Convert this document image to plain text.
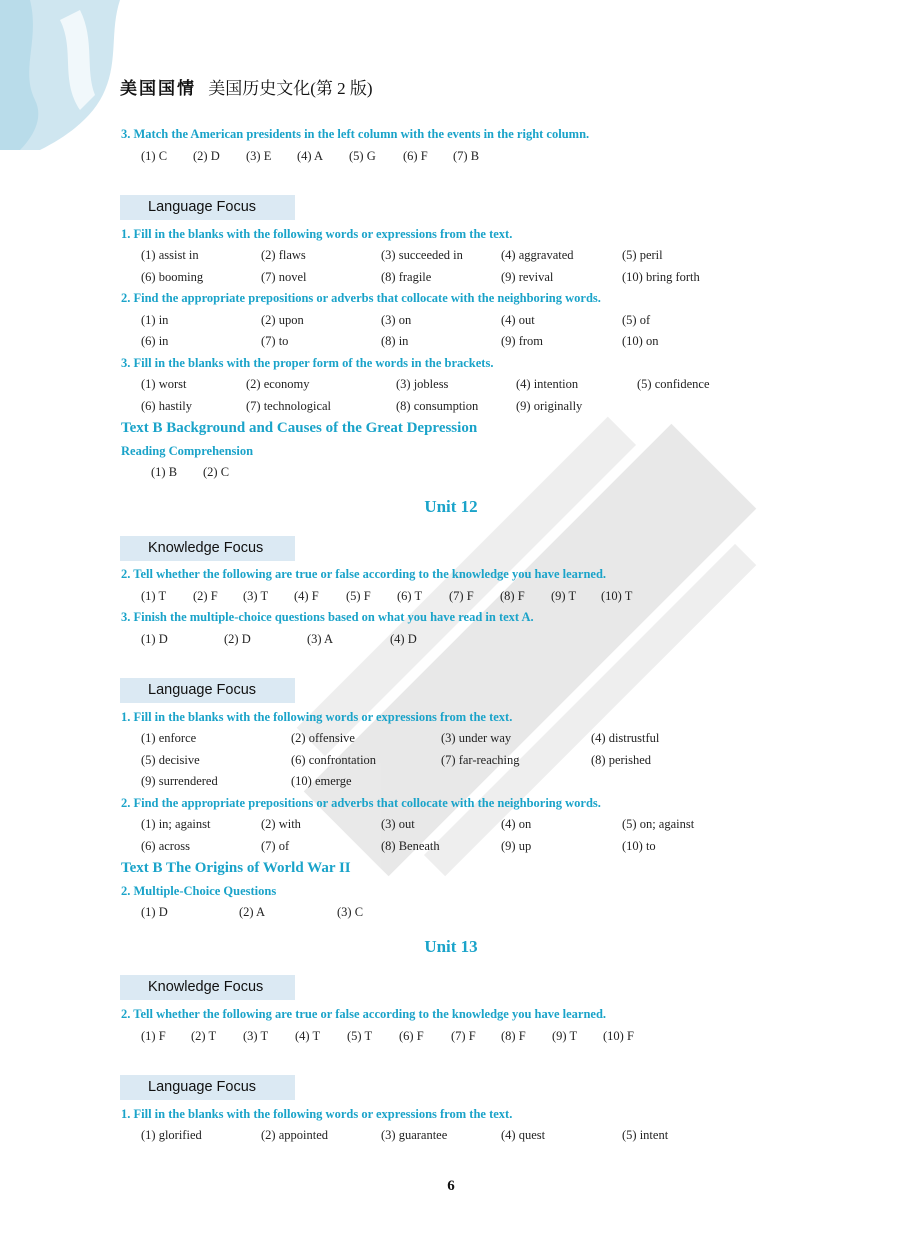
美国国情 美国历史文化(第 2 版)
3. Match the American presidents in the left column with the events in the right column.
(1) C (2) D (3) E (4) A (5) G (6) F (7) B
Language Focus
1. Fill in the blanks with the following words or expressions from the text.
(1) assist in	(2) flaws	(3) succeeded in	(4) aggravated	(5) peril
(6) booming	(7) novel	(8) fragile	(9) revival	(10) bring forth
2. Find the appropriate prepositions or adverbs that collocate with the neighboring words.
(1) in	(2) upon	(3) on	(4) out	(5) of
(6) in	(7) to	(8) in	(9) from	(10) on
3. Fill in the blanks with the proper form of the words in the brackets.
(1) worst	(2) economy	(3) jobless	(4) intention	(5) confidence
(6) hastily	(7) technological	(8) consumption	(9) originally
Text B Background and Causes of the Great Depression
Reading Comprehension
(1) B (2) C
Unit 12
Knowledge Focus
2. Tell whether the following are true or false according to the knowledge you have learned.
(1) T (2) F (3) T (4) F (5) F (6) T (7) F (8) F (9) T (10) T
3. Finish the multiple-choice questions based on what you have read in text A.
(1) D	(2) D	(3) A	(4) D
Language Focus
1. Fill in the blanks with the following words or expressions from the text.
(1) enforce	(2) offensive	(3) under way	(4) distrustful
(5) decisive	(6) confrontation	(7) far-reaching	(8) perished
(9) surrendered	(10) emerge
2. Find the appropriate prepositions or adverbs that collocate with the neighboring words.
(1) in; against	(2) with	(3) out	(4) on	(5) on; against
(6) across	(7) of	(8) Beneath	(9) up	(10) to
Text B The Origins of World War II
2. Multiple-Choice Questions
(1) D	(2) A	(3) C
Unit 13
Knowledge Focus
2. Tell whether the following are true or false according to the knowledge you have learned.
(1) F (2) T (3) T (4) T (5) T (6) F (7) F (8) F (9) T (10) F
Language Focus
1. Fill in the blanks with the following words or expressions from the text.
(1) glorified	(2) appointed	(3) guarantee	(4) quest	(5) intent
6
